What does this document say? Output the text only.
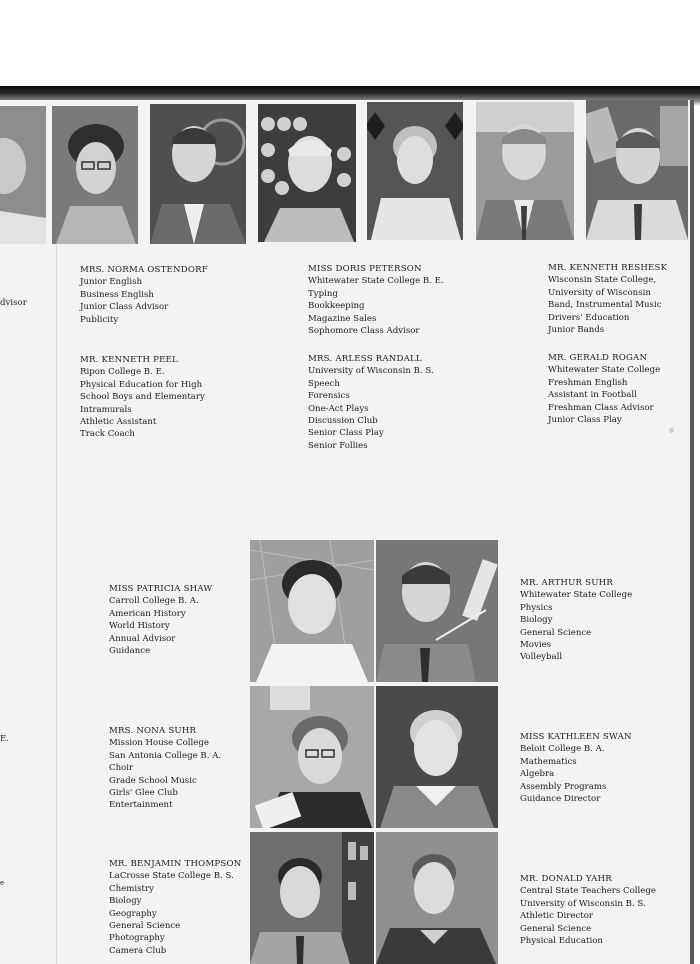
dvisor
E.
e
MRS. NORMA OSTENDORF
Junior English
Business English
Junior Class Advisor
Publicity
MISS DORIS PETERSON
Whitewater State College B. E.
Typing
Bookkeeping
Magazine Sales
Sophomore Class Advisor
MR. KENNETH RESHESK
Wisconsin State College,
University of Wisconsin
Band, Instrumental Music
Drivers' Education
Junior Bands
MR. KENNETH PEEL
Ripon College B. E.
Physical Education for High
School Boys and Elementary
Intramurals
Athletic Assistant
Track Coach
MRS. ARLESS RANDALL
University of Wisconsin B. S.
Speech
Forensics
One-Act Plays
Discussion Club
Senior Class Play
Senior Follies
MR. GERALD ROGAN
Whitewater State College
Freshman English
Assistant in Football
Freshman Class Advisor
Junior Class Play
MISS PATRICIA SHAW
Carroll College B. A.
American History
World History
Annual Advisor
Guidance
MR. ARTHUR SUHR
Whitewater State College
Physics
Biology
General Science
Movies
Volleyball
MRS. NONA SUHR
Mission House College
San Antonia College B. A.
Choir
Grade School Music
Girls' Glee Club
Entertainment
MISS KATHLEEN SWAN
Beloit College B. A.
Mathematics
Algebra
Assembly Programs
Guidance Director
MR. BENJAMIN THOMPSON
LaCrosse State College B. S.
Chemistry
Biology
Geography
General Science
Photography
Camera Club
MR. DONALD YAHR
Central State Teachers College
University of Wisconsin B. S.
Athletic Director
General Science
Physical Education
